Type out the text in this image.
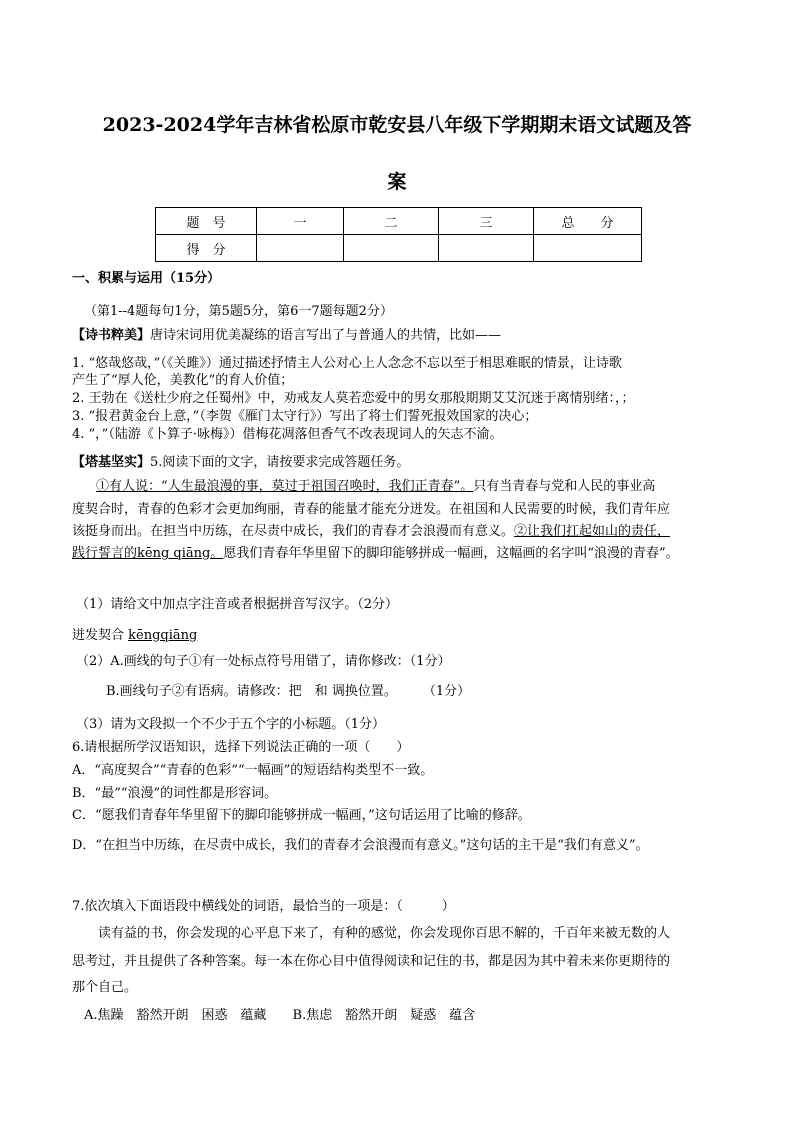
2023-2024学年吉林省松原市乾安县八年级下学期期末语文试题及答
案
题　号	一	二	三	总　　分
得　分				
一、积累与运用（15分）
（第1--4题每句1分，第5题5分，第6一7题每题2分）
【诗书粹美】唐诗宋词用优美凝练的语言写出了与普通人的共情，比如——
1. “悠哉悠哉，”（《关雎》）通过描述抒情主人公对心上人念念不忘以至于相思难眠的情景，让诗歌
产生了“厚人伦，美教化”的育人价值；
2. 王勃在《送杜少府之任蜀州》中，劝戒友人莫若恋爱中的男女那般期期艾艾沉迷于离情别绪：，；
3. “报君黄金台上意，”（李贺《雁门太守行》）写出了将士们誓死报效国家的决心；
4. “，”（陆游《卜算子·咏梅》）借梅花凋落但香气不改表现词人的矢志不渝。
【塔基坚实】5.阅读下面的文字，请按要求完成答题任务。
①有人说：“人生最浪漫的事，莫过于祖国召唤时，我们正青春”。只有当青春与党和人民的事业高
度契合时，青春的色彩才会更加绚丽，青春的能量才能充分迸发。在祖国和人民需要的时候，我们青年应
该挺身而出。在担当中历练，在尽责中成长，我们的青春才会浪漫而有意义。②让我们扛起如山的责任，
践行誓言的kēng qiāng。愿我们青春年华里留下的脚印能够拼成一幅画，这幅画的名字叫“浪漫的青春”。
（1）请给文中加点字注音或者根据拼音写汉字。（2分）
迸发契合 kēngqiāng
（2）A.画线的句子①有一处标点符号用错了，请你修改：（1分）
B.画线句子②有语病。请修改：把　和 调换位置。　　　（1分）
（3）请为文段拟一个不少于五个字的小标题。（1分）
6.请根据所学汉语知识，选择下列说法正确的一项（　　）
A．“高度契合”“青春的色彩”“一幅画”的短语结构类型不一致。
B．“最”“浪漫”的词性都是形容词。
C．“愿我们青春年华里留下的脚印能够拼成一幅画，”这句话运用了比喻的修辞。
D．“在担当中历练，在尽责中成长，我们的青春才会浪漫而有意义。”这句话的主干是“我们有意义”。
7.依次填入下面语段中横线处的词语，最恰当的一项是：（　　　）
　　读有益的书，你会发现的心平息下来了，有种的感觉，你会发现你百思不解的，千百年来被无数的人
思考过，并且提供了各种答案。每一本在你心目中值得阅读和记住的书，都是因为其中着未来你更期待的
那个自己。
A.焦躁　豁然开朗　困惑　蕴藏　　B.焦虑　豁然开朗　疑惑　蕴含
